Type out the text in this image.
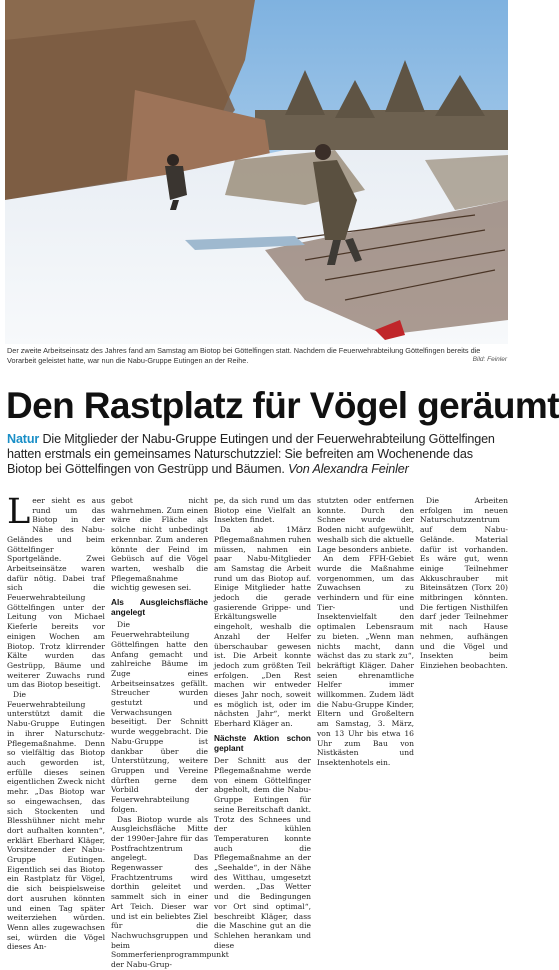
Der zweite Arbeitseinsatz des Jahres fand am Samstag am Biotop bei Göttelfingen statt. Nachdem die Feuerwehrabteilung Göttelfingen bereits die Vorarbeit geleistet hatte, war nun die Nabu-Gruppe Eutingen an der Reihe.	Bild: Feinler
Den Rastplatz für Vögel geräumt
Natur Die Mitglieder der Nabu-Gruppe Eutingen und der Feuerwehrabteilung Göttelfingen hatten erstmals ein gemeinsames Naturschutzziel: Sie befreiten am Wochenende das Biotop bei Göttelfingen von Gestrüpp und Bäumen. Von Alexandra Feinler

Leer sieht es aus rund um das Biotop in der Nähe des Nabu-Geländes und beim Göttelfinger Sportgelände. Zwei Arbeitseinsätze waren dafür nötig. Dabei traf sich die Feuerwehrabteilung Göttelfingen unter der Leitung von Michael Kieferle bereits vor einigen Wochen am Biotop. Trotz klirrender Kälte wurden das Gestrüpp, Bäume und weiterer Zuwachs rund um das Biotop beseitigt.

Die Feuerwehrabteilung unterstützt damit die Nabu-Gruppe Eutingen in ihrer Naturschutz-Pflegemaßnahme. Denn so vielfältig das Biotop auch geworden ist, erfülle dieses seinen eigentlichen Zweck nicht mehr. „Das Biotop war so eingewachsen, das sich Stockenten und Blesshühner nicht mehr dort aufhalten konnten“, erklärt Eberhard Kläger, Vorsitzender der Nabu-Gruppe Eutingen. Eigentlich sei das Biotop ein Rastplatz für Vögel, die sich beispielsweise dort ausruhen könnten und einen Tag später weiterziehen würden. Wenn alles zugewachsen sei, würden die Vögel dieses An-

gebot nicht wahrnehmen. Zum einen wäre die Fläche als solche nicht unbedingt erkennbar. Zum anderen könnte der Feind im Gebüsch auf die Vögel warten, weshalb die Pflegemaßnahme wichtig gewesen sei.

Als Ausgleichsfläche angelegt

Die Feuerwehrabteilung Göttelfingen hatte den Anfang gemacht und zahlreiche Bäume im Zuge eines Arbeitseinsatzes gefällt. Streucher wurden gestutzt und Verwachsungen beseitigt. Der Schnitt wurde weggebracht. Die Nabu-Gruppe ist dankbar über die Unterstützung, weitere Gruppen und Vereine dürften gerne dem Vorbild der Feuerwehrabteilung folgen.

Das Biotop wurde als Ausgleichsfläche Mitte der 1990er-Jahre für das Postfrachtzentrum angelegt. Das Regenwasser des Frachtzentrums wird dorthin geleitet und sammelt sich in einer Art Teich. Dieser war und ist ein beliebtes Ziel für die Nachwuchsgruppen und beim Sommerferienprogrammpunkt der Nabu-Grup-

pe, da sich rund um das Biotop eine Vielfalt an Insekten findet.

Da ab 1März Pflegemaßnahmen ruhen müssen, nahmen ein paar Nabu-Mitglieder am Samstag die Arbeit rund um das Biotop auf. Einige Mitglieder hatte jedoch die gerade gasierende Grippe- und Erkältungswelle eingeholt, weshalb die Anzahl der Helfer überschaubar gewesen ist. Die Arbeit konnte jedoch zum größten Teil erfolgen. „Den Rest machen wir entweder dieses Jahr noch, soweit es möglich ist, oder im nächsten Jahr“, merkt Eberhard Kläger an.

Nächste Aktion schon geplant

Der Schnitt aus der Pflegemaßnahme werde von einem Göttelfinger abgeholt, dem die Nabu-Gruppe Eutingen für seine Bereitschaft dankt. Trotz des Schnees und der kühlen Temperaturen konnte auch die Pflegemaßnahme an der „Seehalde“, in der Nähe des Witthau, umgesetzt werden. „Das Wetter und die Bedingungen vor Ort sind optimal“, beschreibt Kläger, dass die Maschine gut an die Schlehen herankam und diese

stutzten oder entfernen konnte. Durch den Schnee wurde der Boden nicht aufgewühlt, weshalb sich die aktuelle Lage besonders anbiete.

An dem FFH-Gebiet wurde die Maßnahme vorgenommen, um das Zuwachsen zu verhindern und für eine Tier- und Insektenvielfalt den optimalen Lebensraum zu bieten. „Wenn man nichts macht, dann wächst das zu stark zu“, bekräftigt Kläger. Daher seien ehrenamtliche Helfer immer willkommen. Zudem lädt die Nabu-Gruppe Kinder, Eltern und Großeltern am Samstag, 3. März, von 13 Uhr bis etwa 16 Uhr zum Bau von Nistkästen und Insektenhotels ein.

Die Arbeiten erfolgen im neuen Naturschutzzentrum auf dem Nabu-Gelände. Material dafür ist vorhanden. Es wäre gut, wenn einige Teilnehmer Akkuschrauber mit Biteinsätzen (Torx 20) mitbringen könnten. Die fertigen Nisthilfen darf jeder Teilnehmer mit nach Hause nehmen, aufhängen und die Vögel und Insekten beim Einziehen beobachten.
